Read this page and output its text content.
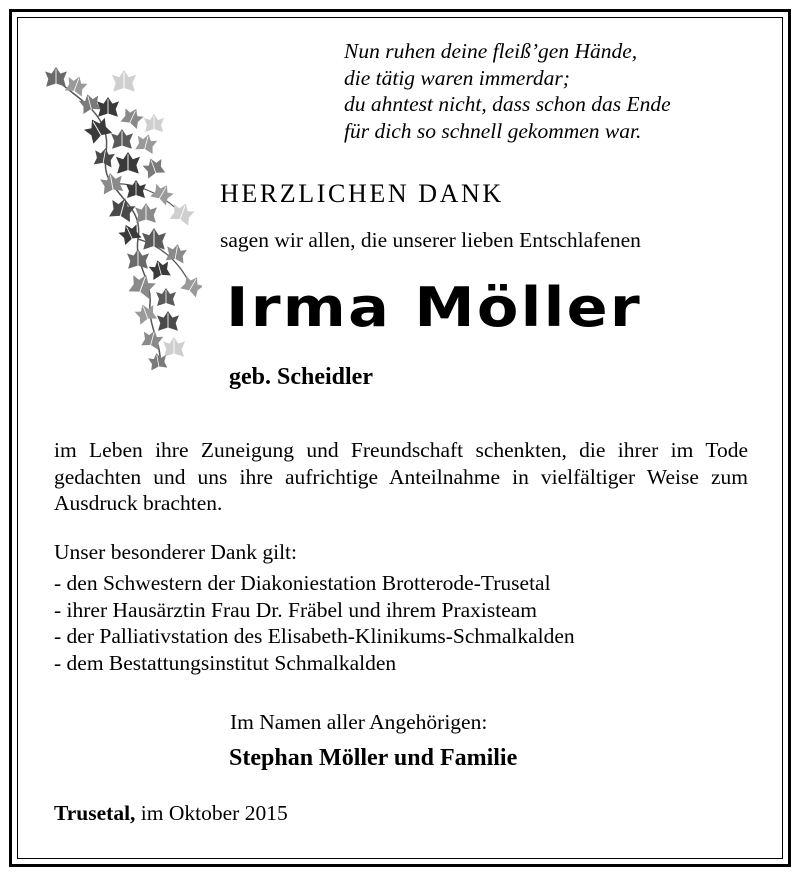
Nun ruhen deine fleiß’gen Hände,
die tätig waren immerdar;
du ahntest nicht, dass schon das Ende
für dich so schnell gekommen war.
HERZLICHEN DANK
sagen wir allen, die unserer lieben Entschlafenen
Irma Möller
geb. Scheidler
im Leben ihre Zuneigung und Freundschaft schenkten, die ihrer im Tode gedachten und uns ihre aufrichtige Anteilnahme in vielfältiger Weise zum Ausdruck brachten.
Unser besonderer Dank gilt:
- den Schwestern der Diakoniestation Brotterode-Trusetal
- ihrer Hausärztin Frau Dr. Fräbel und ihrem Praxisteam
- der Palliativstation des Elisabeth-Klinikums-Schmalkalden
- dem Bestattungsinstitut Schmalkalden
Im Namen aller Angehörigen:
Stephan Möller und Familie
Trusetal, im Oktober 2015
